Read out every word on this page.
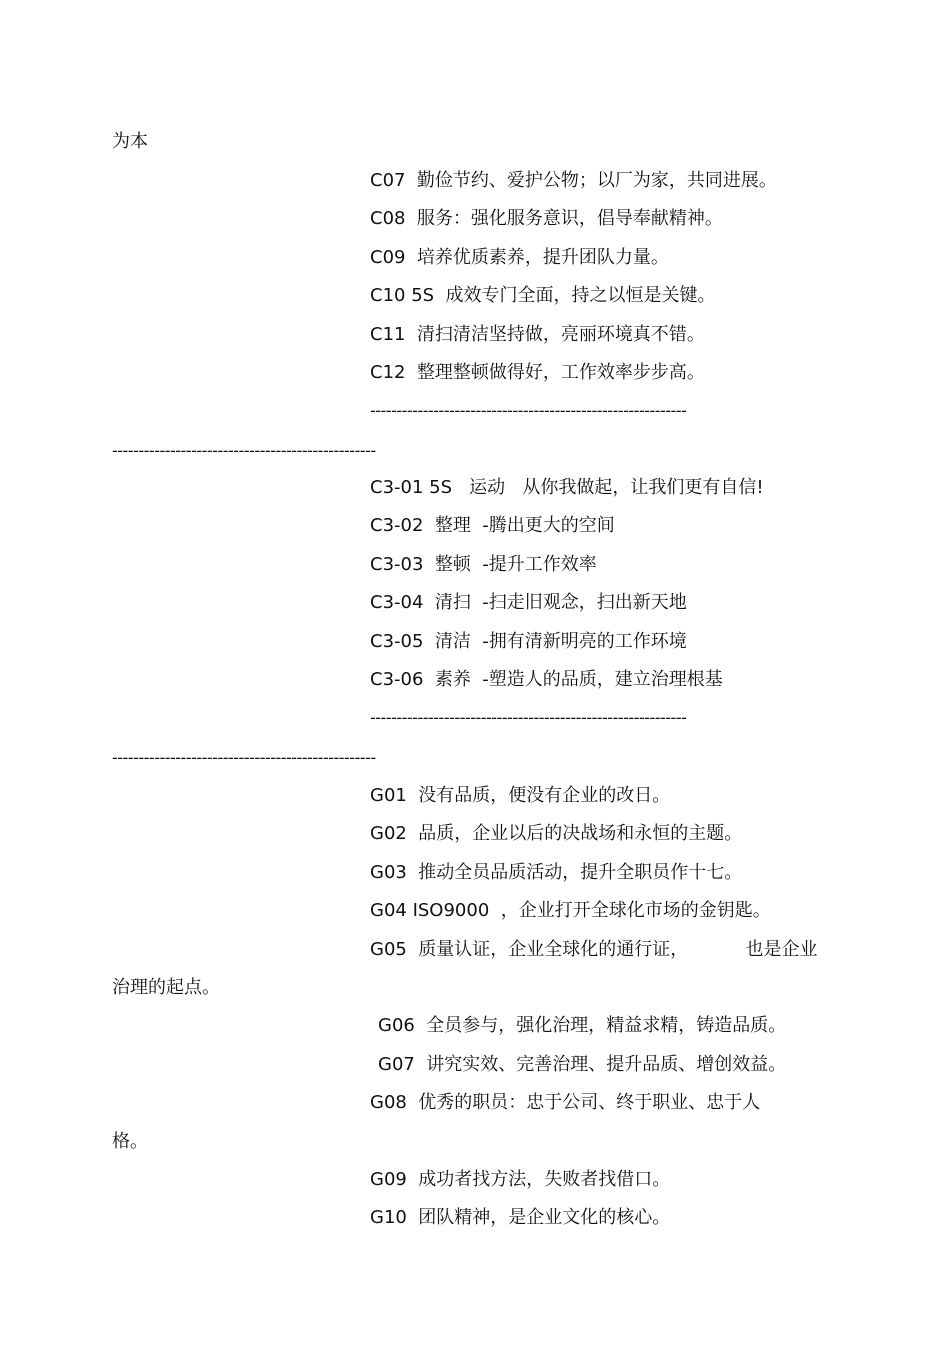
为本
C07  勤俭节约、爱护公物；以厂为家，共同进展。
C08  服务：强化服务意识，倡导奉献精神。
C09  培养优质素养，提升团队力量。
C10 5S  成效专门全面，持之以恒是关键。
C11  清扫清洁坚持做，亮丽环境真不错。
C12  整理整顿做得好，工作效率步步高。
------------------------------------------------------------
--------------------------------------------------
C3-01 5S   运动   从你我做起，让我们更有自信!
C3-02  整理  -腾出更大的空间
C3-03  整顿  -提升工作效率
C3-04  清扫  -扫走旧观念，扫出新天地
C3-05  清洁  -拥有清新明亮的工作环境
C3-06  素养  -塑造人的品质，建立治理根基
------------------------------------------------------------
--------------------------------------------------
G01  没有品质，便没有企业的改日。
G02  品质，企业以后的决战场和永恒的主题。
G03  推动全员品质活动，提升全职员作十七。
G04 ISO9000  ，企业打开全球化市场的金钥匙。
G05  质量认证，企业全球化的通行证，          也是企业
治理的起点。
G06  全员参与，强化治理，精益求精，铸造品质。
G07  讲究实效、完善治理、提升品质、增创效益。
G08  优秀的职员：忠于公司、终于职业、忠于人
格。
G09  成功者找方法，失败者找借口。
G10  团队精神，是企业文化的核心。
